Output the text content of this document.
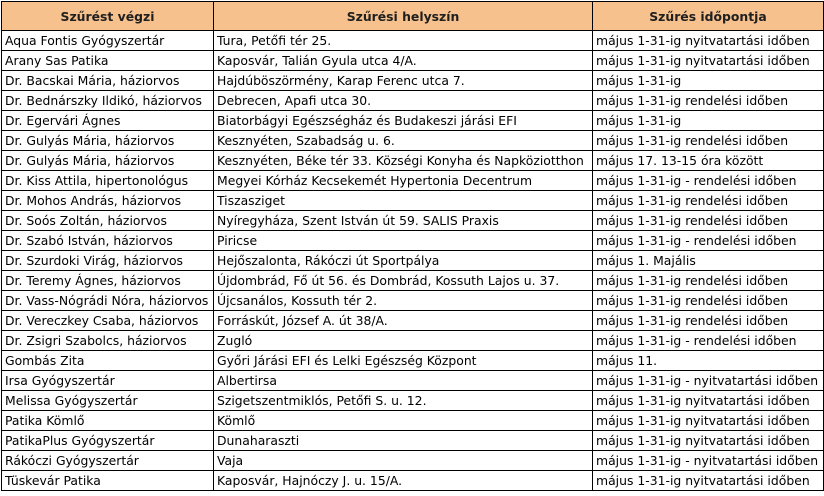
Szűrést végzi	Szűrési helyszín	Szűrés időpontja
Aqua Fontis Gyógyszertár	Tura, Petőfi tér 25.	május 1-31-ig nyitvatartási időben
Arany Sas Patika	Kaposvár, Talián Gyula utca 4/A.	május 1-31-ig nyitvatartási időben
Dr. Bacskai Mária, háziorvos	Hajdúböszörmény, Karap Ferenc utca 7.	május 1-31-ig
Dr. Bednárszky Ildikó, háziorvos	Debrecen, Apafi utca 30.	május 1-31-ig rendelési időben
Dr. Egervári Ágnes	Biatorbágyi Egészségház és Budakeszi járási EFI	május 1-31-ig
Dr. Gulyás Mária, háziorvos	Kesznyéten, Szabadság u. 6.	május 1-31-ig rendelési időben
Dr. Gulyás Mária, háziorvos	Kesznyéten, Béke tér 33. Községi Konyha és Napköziotthon	május 17. 13-15 óra között
Dr. Kiss Attila, hipertonológus	Megyei Kórház Kecsekemét Hypertonia Decentrum	május 1-31-ig - rendelési időben
Dr. Mohos András, háziorvos	Tiszasziget	május 1-31-ig rendelési időben
Dr. Soós Zoltán, háziorvos	Nyíregyháza, Szent István út 59. SALIS Praxis	május 1-31-ig rendelési időben
Dr. Szabó István, háziorvos	Piricse	május 1-31-ig - rendelési időben
Dr. Szurdoki Virág, háziorvos	Hejőszalonta, Rákóczi út Sportpálya	május 1. Majális
Dr. Teremy Ágnes, háziorvos	Újdombrád, Fő út 56. és Dombrád, Kossuth Lajos u. 37.	május 1-31-ig rendelési időben
Dr. Vass-Nógrádi Nóra, háziorvos	Újcsanálos, Kossuth tér 2.	május 1-31-ig rendelési időben
Dr. Vereczkey Csaba, háziorvos	Forráskút, József A. út 38/A.	május 1-31-ig rendelési időben
Dr. Zsigri Szabolcs, háziorvos	Zugló	május 1-31-ig - rendelési időben
Gombás Zita	Győri Járási EFI és Lelki Egészség Központ	május 11.
Irsa Gyógyszertár	Albertirsa	május 1-31-ig - nyitvatartási időben
Melissa Gyógyszertár	Szigetszentmiklós, Petőfi S. u. 12.	május 1-31-ig nyitvatartási időben
Patika Kömlő	Kömlő	május 1-31-ig nyitvatartási időben
PatikaPlus Gyógyszertár	Dunaharaszti	május 1-31-ig nyitvatartási időben
Rákóczi Gyógyszertár	Vaja	május 1-31-ig - nyitvatartási időben
Tüskevár Patika	Kaposvár, Hajnóczy J. u. 15/A.	május 1-31-ig nyitvatartási időben
